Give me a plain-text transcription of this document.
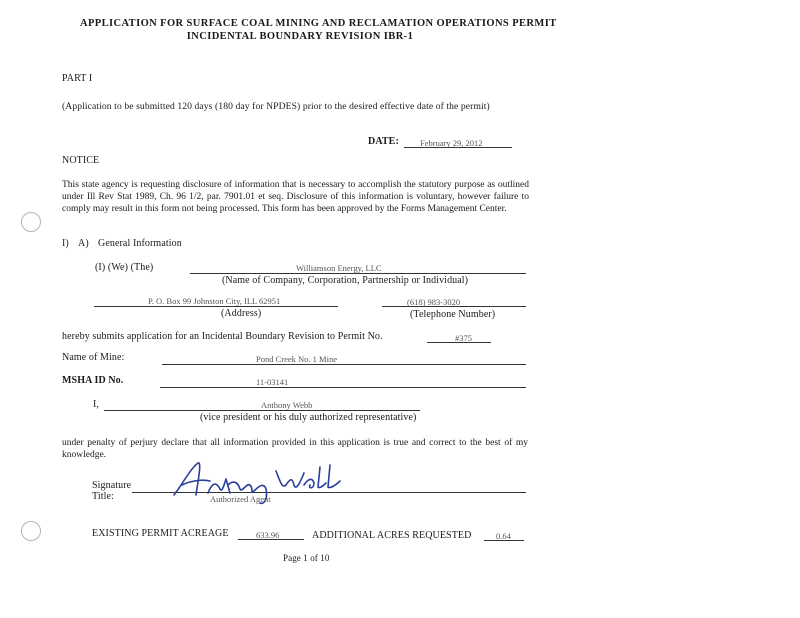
APPLICATION FOR SURFACE COAL MINING AND RECLAMATION OPERATIONS PERMIT
INCIDENTAL BOUNDARY REVISION IBR-1
PART I
(Application to be submitted 120 days (180 day for NPDES) prior to the desired effective date of the permit)
DATE: February 29, 2012
NOTICE
This state agency is requesting disclosure of information that is necessary to accomplish the statutory purpose as outlined under Ill Rev Stat 1989, Ch. 96 1/2, par. 7901.01 et seq. Disclosure of this information is voluntary, however failure to comply may result in this form not being processed. This form has been approved by the Forms Management Center.
I) A) General Information
(I) (We) (The)	Williamson Energy, LLC
(Name of Company, Corporation, Partnership or Individual)
P. O. Box 99 Johnston City, ILL 62951
(Address)
(618) 983-3020
(Telephone Number)
hereby submits application for an Incidental Boundary Revision to Permit No.	#375
Name of Mine:	Pond Creek No. 1 Mine
MSHA ID No.	11-03141
I,	Anthony Webb
(vice president or his duly authorized representative)
under penalty of perjury declare that all information provided in this application is true and correct to the best of my knowledge.
Signature
Title:	Authorized Agent
EXISTING PERMIT ACREAGE	633.96	ADDITIONAL ACRES REQUESTED	0.64
Page 1 of 10
